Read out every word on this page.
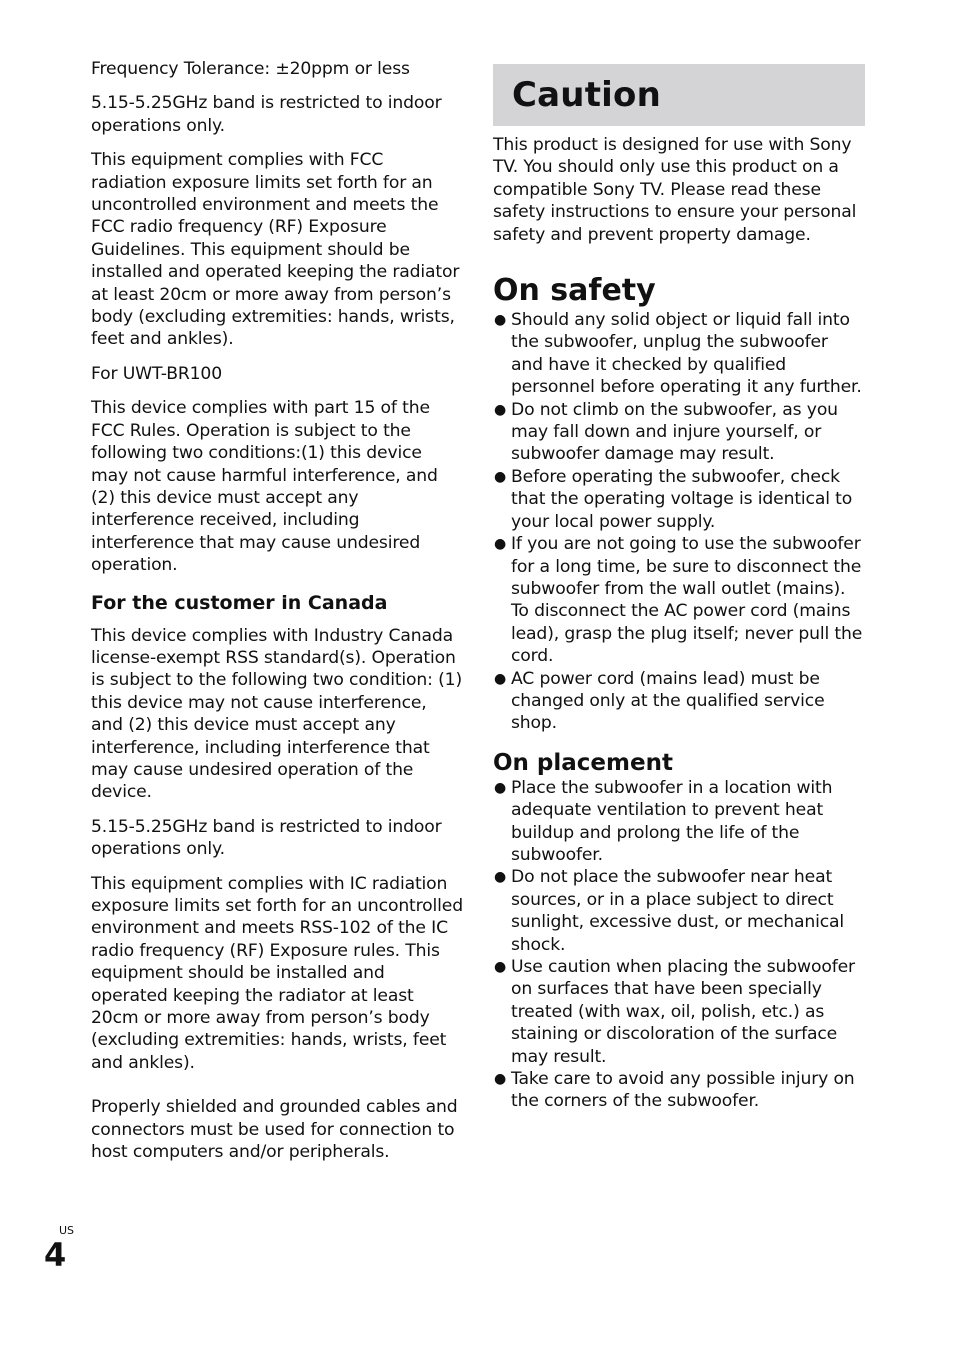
Frequency Tolerance: ±20ppm or less

5.15-5.25GHz band is restricted to indoor operations only.

This equipment complies with FCC radiation exposure limits set forth for an uncontrolled environment and meets the FCC radio frequency (RF) Exposure Guidelines. This equipment should be installed and operated keeping the radiator at least 20cm or more away from person’s body (excluding extremities: hands, wrists, feet and ankles).

For UWT-BR100

This device complies with part 15 of the FCC Rules. Operation is subject to the following two conditions:(1) this device may not cause harmful interference, and (2) this device must accept any interference received, including interference that may cause undesired operation.

For the customer in Canada

This device complies with Industry Canada license-exempt RSS standard(s). Operation is subject to the following two condition: (1) this device may not cause interference, and (2) this device must accept any interference, including interference that may cause undesired operation of the device.

5.15-5.25GHz band is restricted to indoor operations only.

This equipment complies with IC radiation exposure limits set forth for an uncontrolled environment and meets RSS-102 of the IC radio frequency (RF) Exposure rules. This equipment should be installed and operated keeping the radiator at least 20cm or more away from person’s body (excluding extremities: hands, wrists, feet and ankles).

Properly shielded and grounded cables and connectors must be used for connection to host computers and/or peripherals.

Caution

This product is designed for use with Sony TV. You should only use this product on a compatible Sony TV. Please read these safety instructions to ensure your personal safety and prevent property damage.

On safety
● Should any solid object or liquid fall into the subwoofer, unplug the subwoofer and have it checked by qualified personnel before operating it any further.
● Do not climb on the subwoofer, as you may fall down and injure yourself, or subwoofer damage may result.
● Before operating the subwoofer, check that the operating voltage is identical to your local power supply.
● If you are not going to use the subwoofer for a long time, be sure to disconnect the subwoofer from the wall outlet (mains). To disconnect the AC power cord (mains lead), grasp the plug itself; never pull the cord.
● AC power cord (mains lead) must be changed only at the qualified service shop.
On placement
● Place the subwoofer in a location with adequate ventilation to prevent heat buildup and prolong the life of the subwoofer.
● Do not place the subwoofer near heat sources, or in a place subject to direct sunlight, excessive dust, or mechanical shock.
● Use caution when placing the subwoofer on surfaces that have been specially treated (with wax, oil, polish, etc.) as staining or discoloration of the surface may result.
● Take care to avoid any possible injury on the corners of the subwoofer.
US
4
